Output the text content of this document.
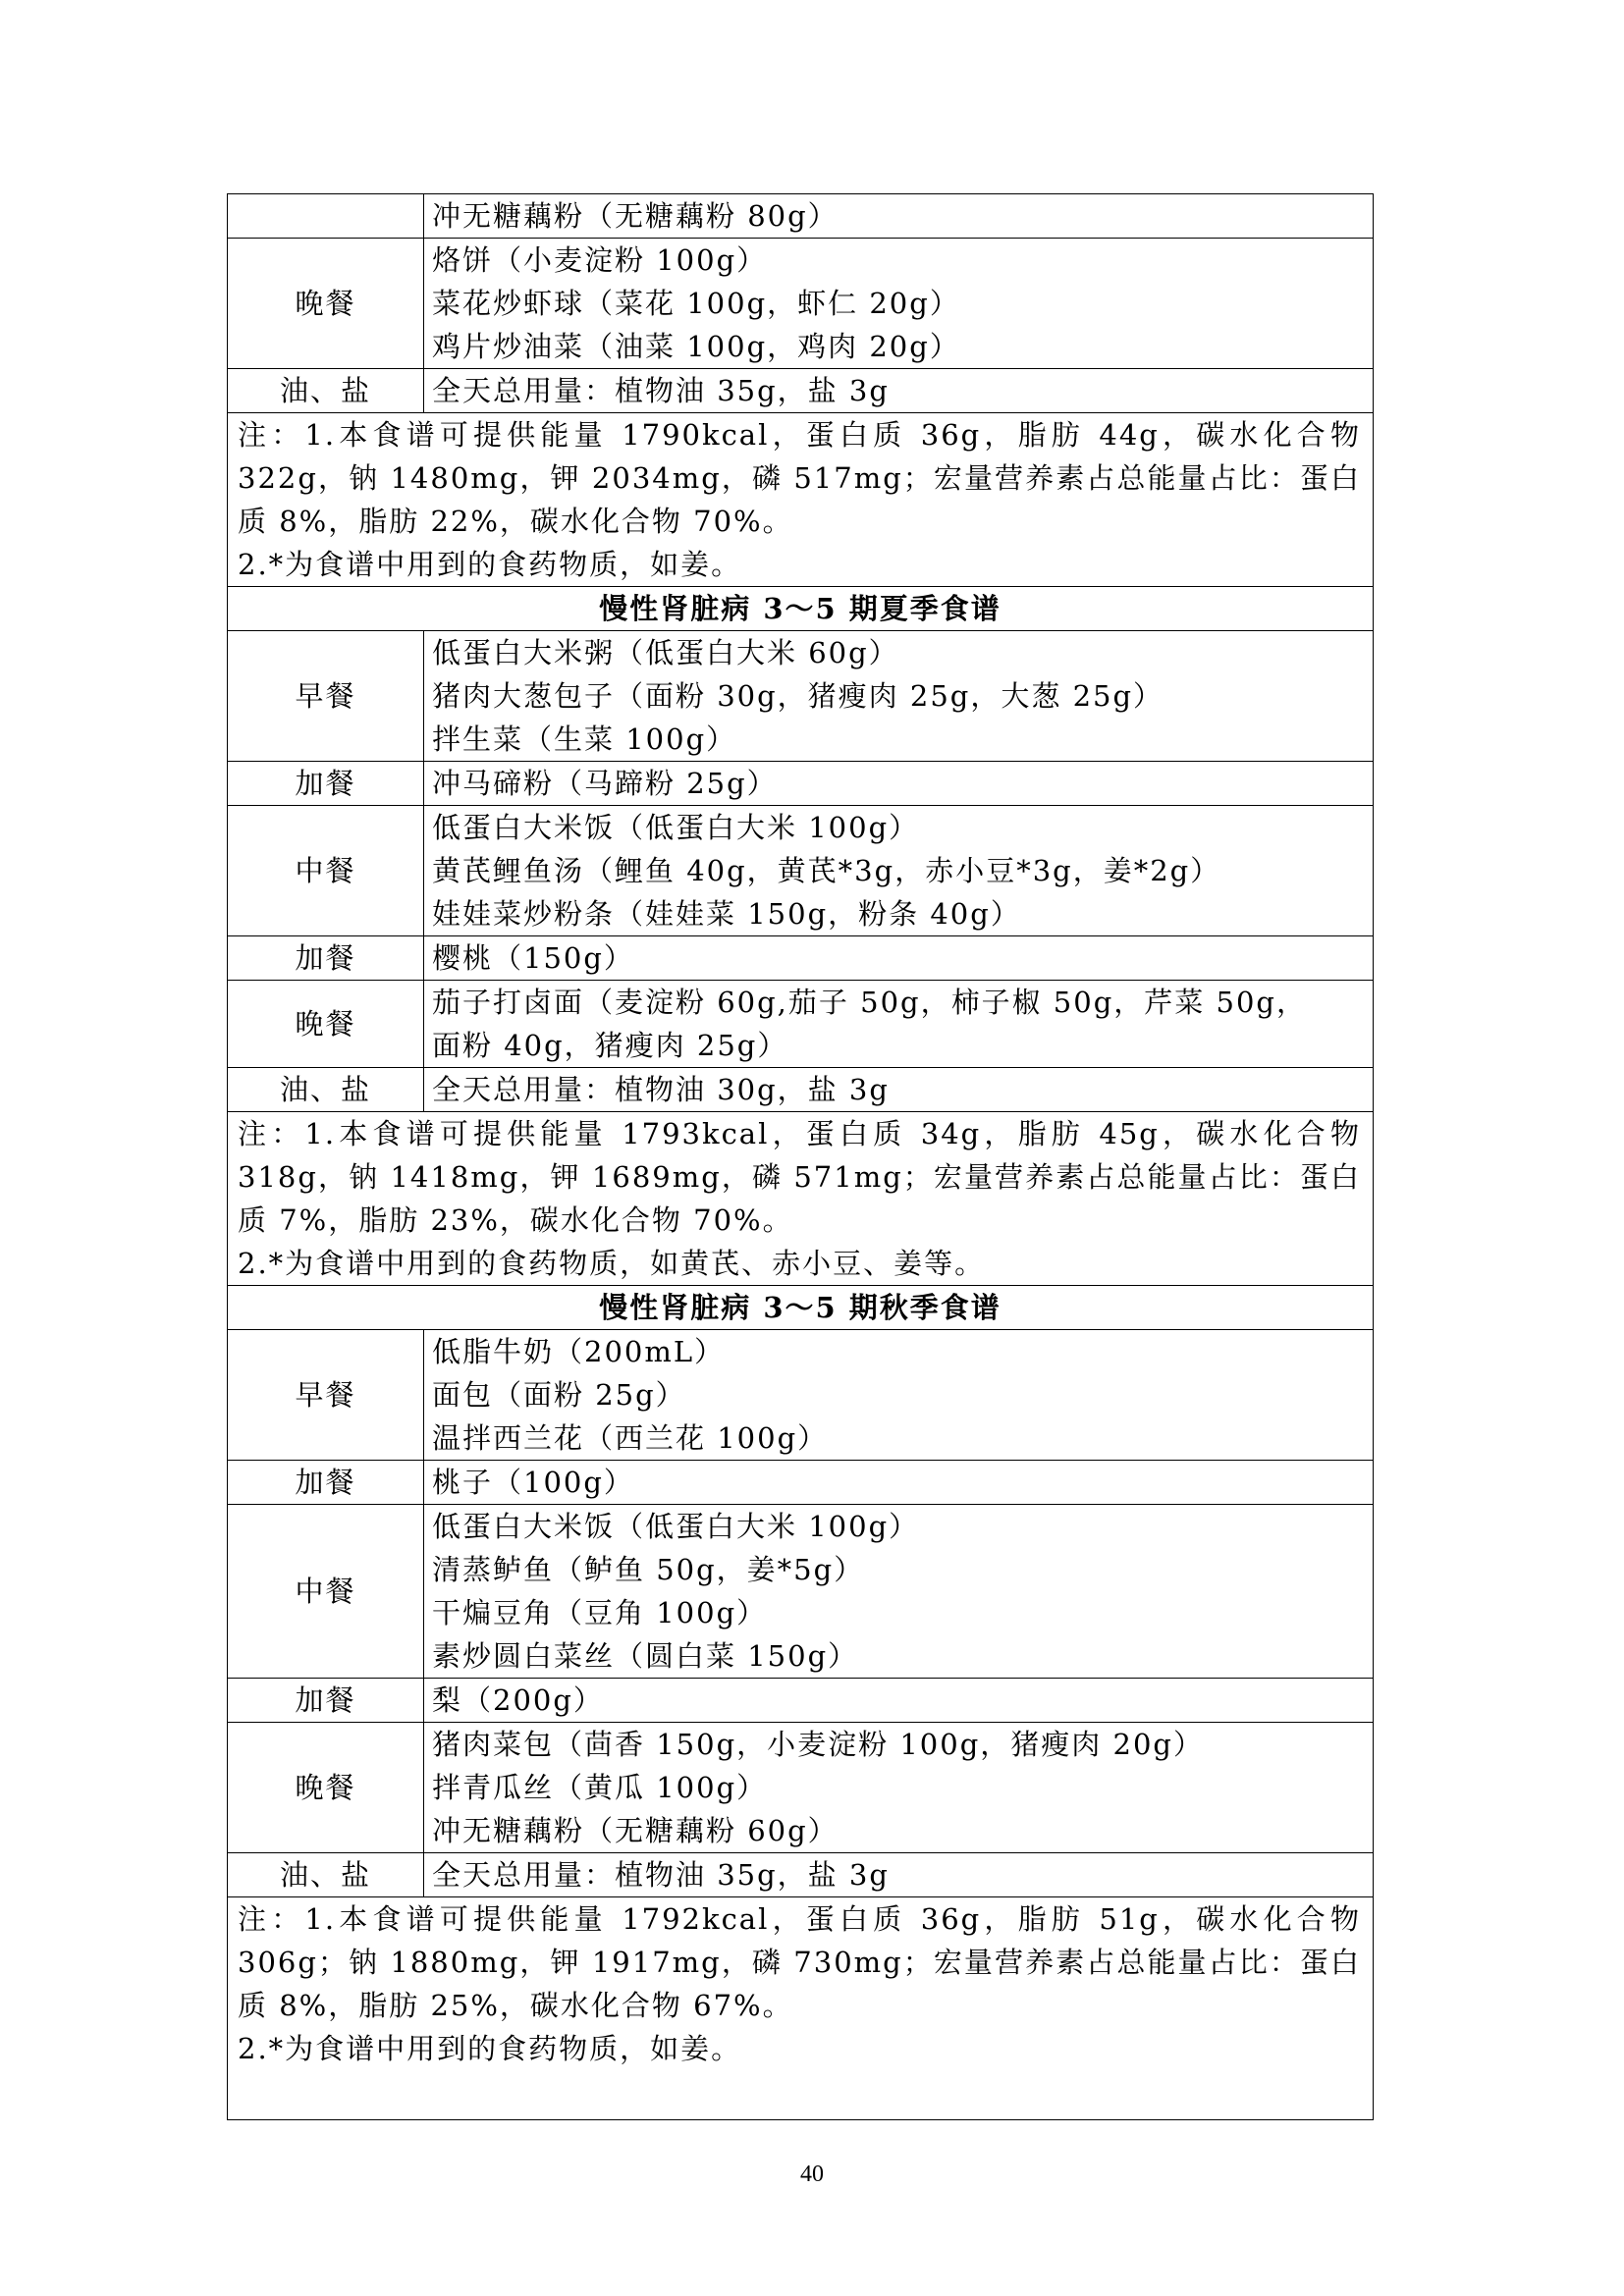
	冲无糖藕粉（无糖藕粉 80g）

晚餐	烙饼（小麦淀粉 100g）
菜花炒虾球（菜花 100g，虾仁 20g）
鸡片炒油菜（油菜 100g，鸡肉 20g）

油、盐	全天总用量：植物油 35g，盐 3g

注：1.本食谱可提供能量 1790kcal，蛋白质 36g，脂肪 44g，碳水化合物 322g，钠 1480mg，钾 2034mg，磷 517mg；宏量营养素占总能量占比：蛋白质 8%，脂肪 22%，碳水化合物 70%。
2.*为食谱中用到的食药物质，如姜。	

慢性肾脏病 3～5 期夏季食谱	
早餐	低蛋白大米粥（低蛋白大米 60g）
猪肉大葱包子（面粉 30g，猪瘦肉 25g，大葱 25g）
拌生菜（生菜 100g）

加餐	冲马碲粉（马蹄粉 25g）

中餐	低蛋白大米饭（低蛋白大米 100g）
黄芪鲤鱼汤（鲤鱼 40g，黄芪*3g，赤小豆*3g，姜*2g）
娃娃菜炒粉条（娃娃菜 150g，粉条 40g）

加餐	樱桃（150g）

晚餐	茄子打卤面（麦淀粉 60g,茄子 50g，柿子椒 50g，芹菜 50g，
面粉 40g，猪瘦肉 25g）

油、盐	全天总用量：植物油 30g，盐 3g

注：1.本食谱可提供能量 1793kcal，蛋白质 34g，脂肪 45g，碳水化合物 318g，钠 1418mg，钾 1689mg，磷 571mg；宏量营养素占总能量占比：蛋白质 7%，脂肪 23%，碳水化合物 70%。
2.*为食谱中用到的食药物质，如黄芪、赤小豆、姜等。	

慢性肾脏病 3～5 期秋季食谱	
早餐	低脂牛奶（200mL）
面包（面粉 25g）
温拌西兰花（西兰花 100g）

加餐	桃子（100g）

中餐	低蛋白大米饭（低蛋白大米 100g）
清蒸鲈鱼（鲈鱼 50g，姜*5g）
干煸豆角（豆角 100g）
素炒圆白菜丝（圆白菜 150g）

加餐	梨（200g）

晚餐	猪肉菜包（茴香 150g，小麦淀粉 100g，猪瘦肉 20g）
拌青瓜丝（黄瓜 100g）
冲无糖藕粉（无糖藕粉 60g）

油、盐	全天总用量：植物油 35g，盐 3g

注：1.本食谱可提供能量 1792kcal，蛋白质 36g，脂肪 51g，碳水化合物 306g；钠 1880mg，钾 1917mg，磷 730mg；宏量营养素占总能量占比：蛋白质 8%，脂肪 25%，碳水化合物 67%。
2.*为食谱中用到的食药物质，如姜。	
40
